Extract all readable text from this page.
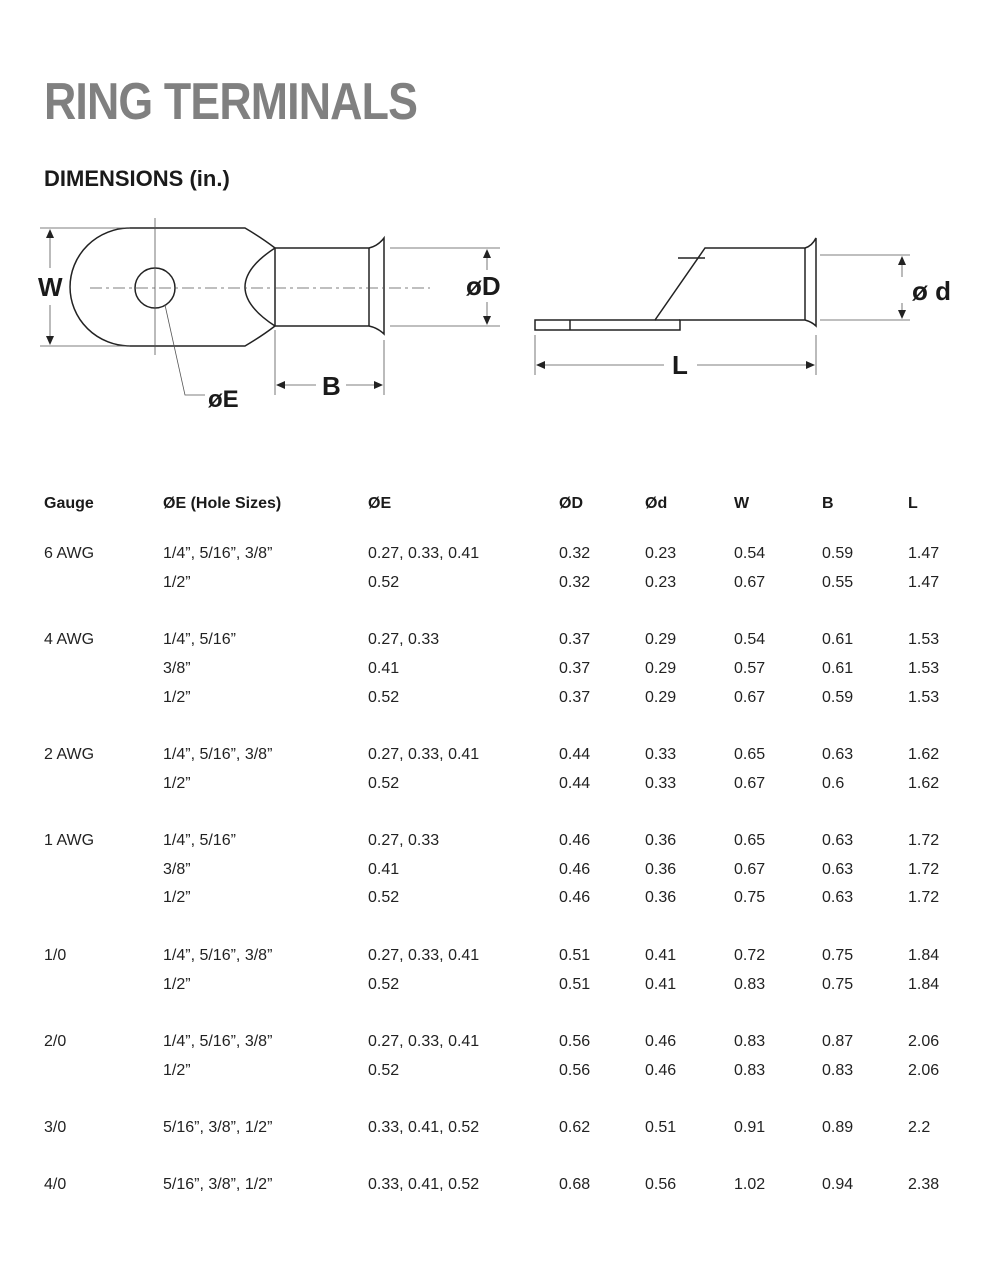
RING TERMINALS
DIMENSIONS (in.)
W	øD
øE	B
ø d
L
Gauge	ØE (Hole Sizes)	ØE	ØD	Ød	W	B	L
6 AWG	1/4”, 5/16”, 3/8”	0.27, 0.33, 0.41	0.32	0.23	0.54	0.59	1.47
1/2”	0.52	0.32	0.23	0.67	0.55	1.47
4 AWG	1/4”, 5/16”	0.27, 0.33	0.37	0.29	0.54	0.61	1.53
3/8”	0.41	0.37	0.29	0.57	0.61	1.53
1/2”	0.52	0.37	0.29	0.67	0.59	1.53
2 AWG	1/4”, 5/16”, 3/8”	0.27, 0.33, 0.41	0.44	0.33	0.65	0.63	1.62
1/2”	0.52	0.44	0.33	0.67	0.6	1.62
1 AWG	1/4”, 5/16”	0.27, 0.33	0.46	0.36	0.65	0.63	1.72
3/8”	0.41	0.46	0.36	0.67	0.63	1.72
1/2”	0.52	0.46	0.36	0.75	0.63	1.72
1/0	1/4”, 5/16”, 3/8”	0.27, 0.33, 0.41	0.51	0.41	0.72	0.75	1.84
1/2”	0.52	0.51	0.41	0.83	0.75	1.84
2/0	1/4”, 5/16”, 3/8”	0.27, 0.33, 0.41	0.56	0.46	0.83	0.87	2.06
1/2”	0.52	0.56	0.46	0.83	0.83	2.06
3/0	5/16”, 3/8”, 1/2”	0.33, 0.41, 0.52	0.62	0.51	0.91	0.89	2.2
4/0	5/16”, 3/8”, 1/2”	0.33, 0.41, 0.52	0.68	0.56	1.02	0.94	2.38
